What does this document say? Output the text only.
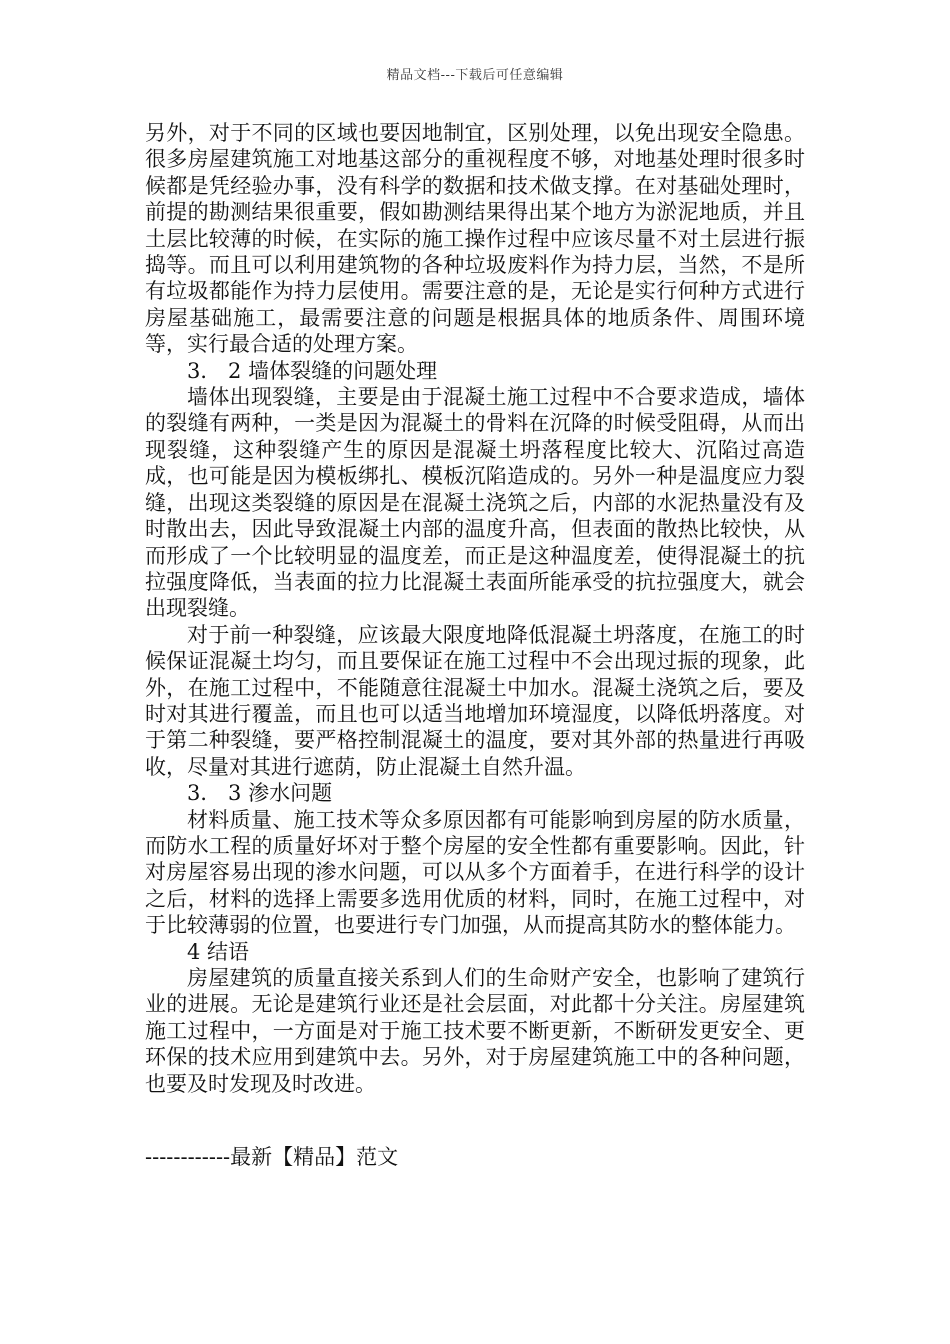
精品文档---下载后可任意编辑

另外，对于不同的区域也要因地制宜，区别处理，以免出现安全隐患。很多房屋建筑施工对地基这部分的重视程度不够，对地基处理时很多时候都是凭经验办事，没有科学的数据和技术做支撑。在对基础处理时，前提的勘测结果很重要，假如勘测结果得出某个地方为淤泥地质，并且土层比较薄的时候，在实际的施工操作过程中应该尽量不对土层进行振捣等。而且可以利用建筑物的各种垃圾废料作为持力层，当然，不是所有垃圾都能作为持力层使用。需要注意的是，无论是实行何种方式进行房屋基础施工，最需要注意的问题是根据具体的地质条件、周围环境等，实行最合适的处理方案。

3． 2 墙体裂缝的问题处理

墙体出现裂缝，主要是由于混凝土施工过程中不合要求造成，墙体的裂缝有两种，一类是因为混凝土的骨料在沉降的时候受阻碍，从而出现裂缝，这种裂缝产生的原因是混凝土坍落程度比较大、沉陷过高造成，也可能是因为模板绑扎、模板沉陷造成的。另外一种是温度应力裂缝，出现这类裂缝的原因是在混凝土浇筑之后，内部的水泥热量没有及时散出去，因此导致混凝土内部的温度升高，但表面的散热比较快，从而形成了一个比较明显的温度差，而正是这种温度差，使得混凝土的抗拉强度降低，当表面的拉力比混凝土表面所能承受的抗拉强度大，就会出现裂缝。

对于前一种裂缝，应该最大限度地降低混凝土坍落度，在施工的时候保证混凝土均匀，而且要保证在施工过程中不会出现过振的现象，此外，在施工过程中，不能随意往混凝土中加水。混凝土浇筑之后，要及时对其进行覆盖，而且也可以适当地增加环境湿度，以降低坍落度。对于第二种裂缝，要严格控制混凝土的温度，要对其外部的热量进行再吸收，尽量对其进行遮荫，防止混凝土自然升温。

3． 3 渗水问题

材料质量、施工技术等众多原因都有可能影响到房屋的防水质量，而防水工程的质量好坏对于整个房屋的安全性都有重要影响。因此，针对房屋容易出现的渗水问题，可以从多个方面着手，在进行科学的设计之后，材料的选择上需要多选用优质的材料，同时，在施工过程中，对于比较薄弱的位置，也要进行专门加强，从而提高其防水的整体能力。

4 结语

房屋建筑的质量直接关系到人们的生命财产安全，也影响了建筑行业的进展。无论是建筑行业还是社会层面，对此都十分关注。房屋建筑施工过程中，一方面是对于施工技术要不断更新，不断研发更安全、更环保的技术应用到建筑中去。另外，对于房屋建筑施工中的各种问题，也要及时发现及时改进。

------------最新【精品】范文
